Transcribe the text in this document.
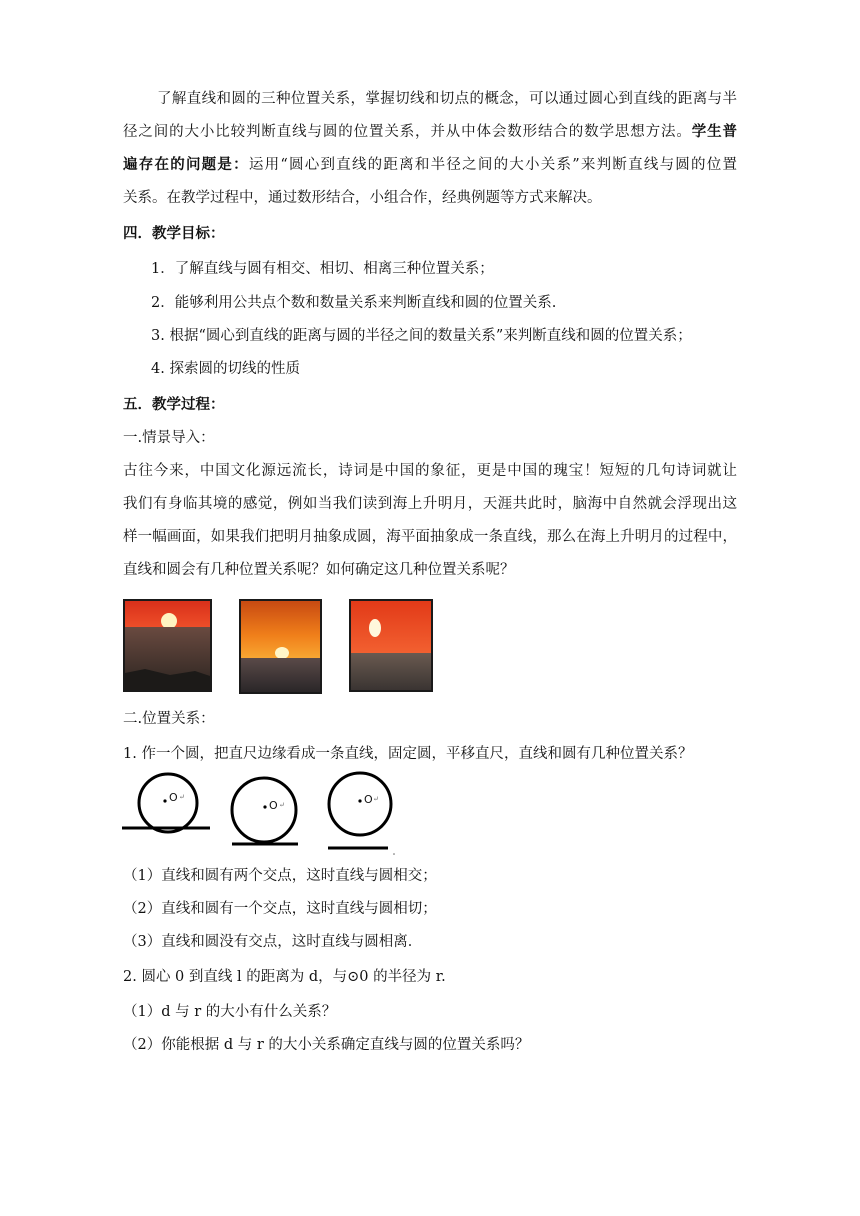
了解直线和圆的三种位置关系，掌握切线和切点的概念，可以通过圆心到直线的距离与半
径之间的大小比较判断直线与圆的位置关系，并从中体会数形结合的数学思想方法。学生普
遍存在的问题是：运用“圆心到直线的距离和半径之间的大小关系”来判断直线与圆的位置
关系。在教学过程中，通过数形结合，小组合作，经典例题等方式来解决。
四．教学目标：
1．了解直线与圆有相交、相切、相离三种位置关系；
2．能够利用公共点个数和数量关系来判断直线和圆的位置关系.
3. 根据“圆心到直线的距离与圆的半径之间的数量关系”来判断直线和圆的位置关系；
4. 探索圆的切线的性质
五．教学过程：
一.情景导入：
古往今来，中国文化源远流长，诗词是中国的象征，更是中国的瑰宝！短短的几句诗词就让
我们有身临其境的感觉，例如当我们读到海上升明月，天涯共此时，脑海中自然就会浮现出这
样一幅画面，如果我们把明月抽象成圆，海平面抽象成一条直线，那么在海上升明月的过程中，
直线和圆会有几种位置关系呢？如何确定这几种位置关系呢？
二.位置关系：
1. 作一个圆，把直尺边缘看成一条直线，固定圆，平移直尺，直线和圆有几种位置关系？
O ↵
O ↵	O ↵
（1）直线和圆有两个交点，这时直线与圆相交；
（2）直线和圆有一个交点，这时直线与圆相切；
（3）直线和圆没有交点，这时直线与圆相离．
2. 圆心 0 到直线 l 的距离为 d，与⊙0 的半径为 r.
（1）d 与 r 的大小有什么关系？
（2）你能根据 d 与 r 的大小关系确定直线与圆的位置关系吗？
